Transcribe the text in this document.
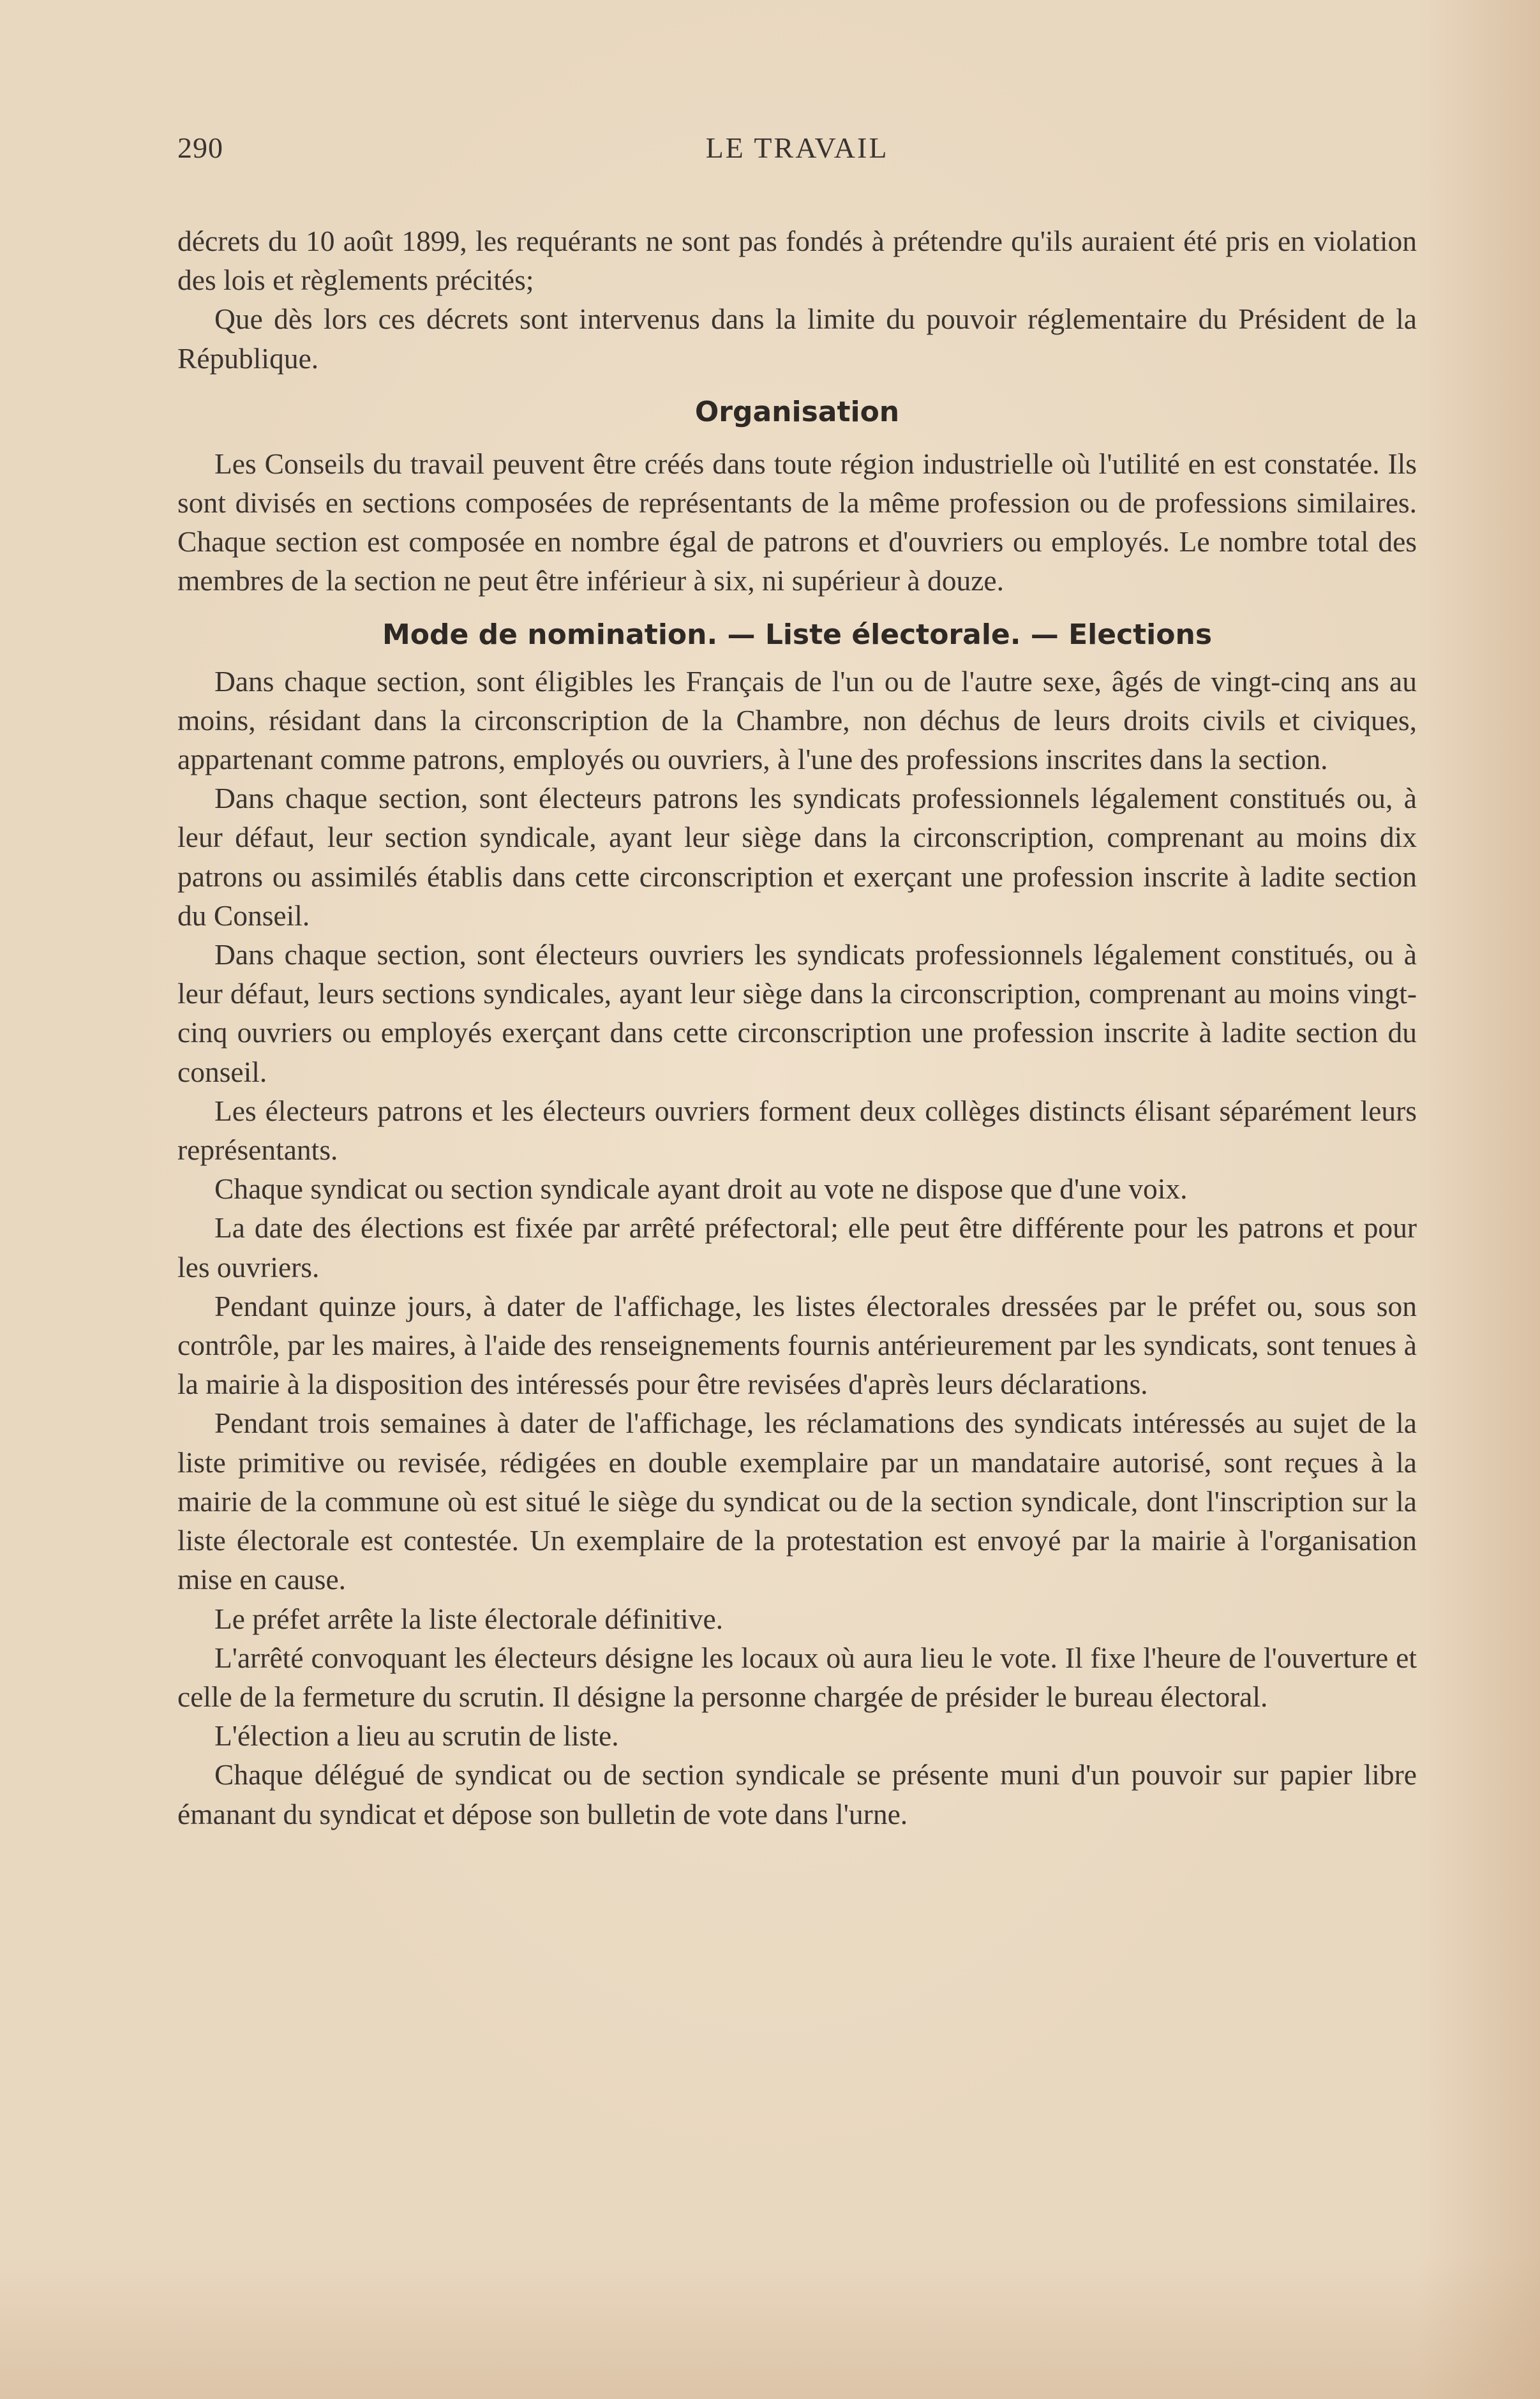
290	LE TRAVAIL

décrets du 10 août 1899, les requérants ne sont pas fondés à prétendre qu'ils auraient été pris en violation des lois et règlements précités;

Que dès lors ces décrets sont intervenus dans la limite du pouvoir réglementaire du Président de la République.

Organisation

Les Conseils du travail peuvent être créés dans toute région industrielle où l'utilité en est constatée. Ils sont divisés en sections composées de représentants de la même profession ou de professions similaires. Chaque section est composée en nombre égal de patrons et d'ouvriers ou employés. Le nombre total des membres de la section ne peut être inférieur à six, ni supérieur à douze.

Mode de nomination. — Liste électorale. — Elections

Dans chaque section, sont éligibles les Français de l'un ou de l'autre sexe, âgés de vingt-cinq ans au moins, résidant dans la circonscription de la Chambre, non déchus de leurs droits civils et civiques, appartenant comme patrons, employés ou ouvriers, à l'une des professions inscrites dans la section.

Dans chaque section, sont électeurs patrons les syndicats professionnels légalement constitués ou, à leur défaut, leur section syndicale, ayant leur siège dans la circonscription, comprenant au moins dix patrons ou assimilés établis dans cette circonscription et exerçant une profession inscrite à ladite section du Conseil.

Dans chaque section, sont électeurs ouvriers les syndicats professionnels légalement constitués, ou à leur défaut, leurs sections syndicales, ayant leur siège dans la circonscription, comprenant au moins vingt-cinq ouvriers ou employés exerçant dans cette circonscription une profession inscrite à ladite section du conseil.

Les électeurs patrons et les électeurs ouvriers forment deux collèges distincts élisant séparément leurs représentants.

Chaque syndicat ou section syndicale ayant droit au vote ne dispose que d'une voix.

La date des élections est fixée par arrêté préfectoral; elle peut être différente pour les patrons et pour les ouvriers.

Pendant quinze jours, à dater de l'affichage, les listes électorales dressées par le préfet ou, sous son contrôle, par les maires, à l'aide des renseignements fournis antérieurement par les syndicats, sont tenues à la mairie à la disposition des intéressés pour être revisées d'après leurs déclarations.

Pendant trois semaines à dater de l'affichage, les réclamations des syndicats intéressés au sujet de la liste primitive ou revisée, rédigées en double exemplaire par un mandataire autorisé, sont reçues à la mairie de la commune où est situé le siège du syndicat ou de la section syndicale, dont l'inscription sur la liste électorale est contestée. Un exemplaire de la protestation est envoyé par la mairie à l'organisation mise en cause.

Le préfet arrête la liste électorale définitive.

L'arrêté convoquant les électeurs désigne les locaux où aura lieu le vote. Il fixe l'heure de l'ouverture et celle de la fermeture du scrutin. Il désigne la personne chargée de présider le bureau électoral.

L'élection a lieu au scrutin de liste.

Chaque délégué de syndicat ou de section syndicale se présente muni d'un pouvoir sur papier libre émanant du syndicat et dépose son bulletin de vote dans l'urne.
